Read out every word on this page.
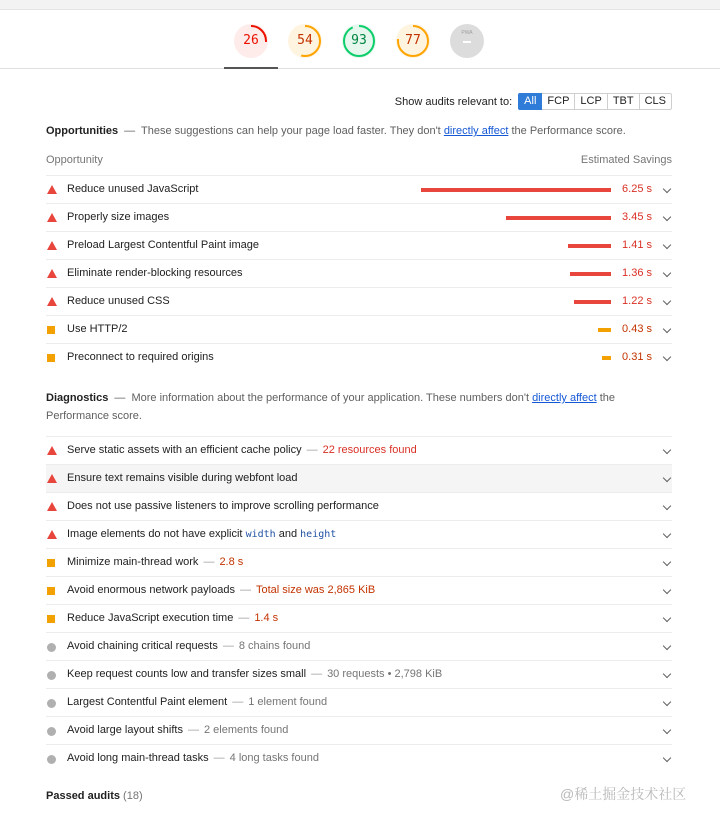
26	54	93	77	PWA
Show audits relevant to:	All	FCP	LCP	TBT	CLS
Opportunities — These suggestions can help your page load faster. They don't directly affect the Performance score.
Opportunity	Estimated Savings
Reduce unused JavaScript	6.25 s
Properly size images	3.45 s
Preload Largest Contentful Paint image	1.41 s
Eliminate render-blocking resources	1.36 s
Reduce unused CSS	1.22 s
Use HTTP/2	0.43 s
Preconnect to required origins	0.31 s
Diagnostics — More information about the performance of your application. These numbers don't directly affect the
Performance score.
Serve static assets with an efficient cache policy — 22 resources found
Ensure text remains visible during webfont load
Does not use passive listeners to improve scrolling performance
Image elements do not have explicit width and height
Minimize main-thread work — 2.8 s
Avoid enormous network payloads — Total size was 2,865 KiB
Reduce JavaScript execution time — 1.4 s
Avoid chaining critical requests — 8 chains found
Keep request counts low and transfer sizes small — 30 requests • 2,798 KiB
Largest Contentful Paint element — 1 element found
Avoid large layout shifts — 2 elements found
Avoid long main-thread tasks — 4 long tasks found
Passed audits (18)	@稀土掘金技术社区
